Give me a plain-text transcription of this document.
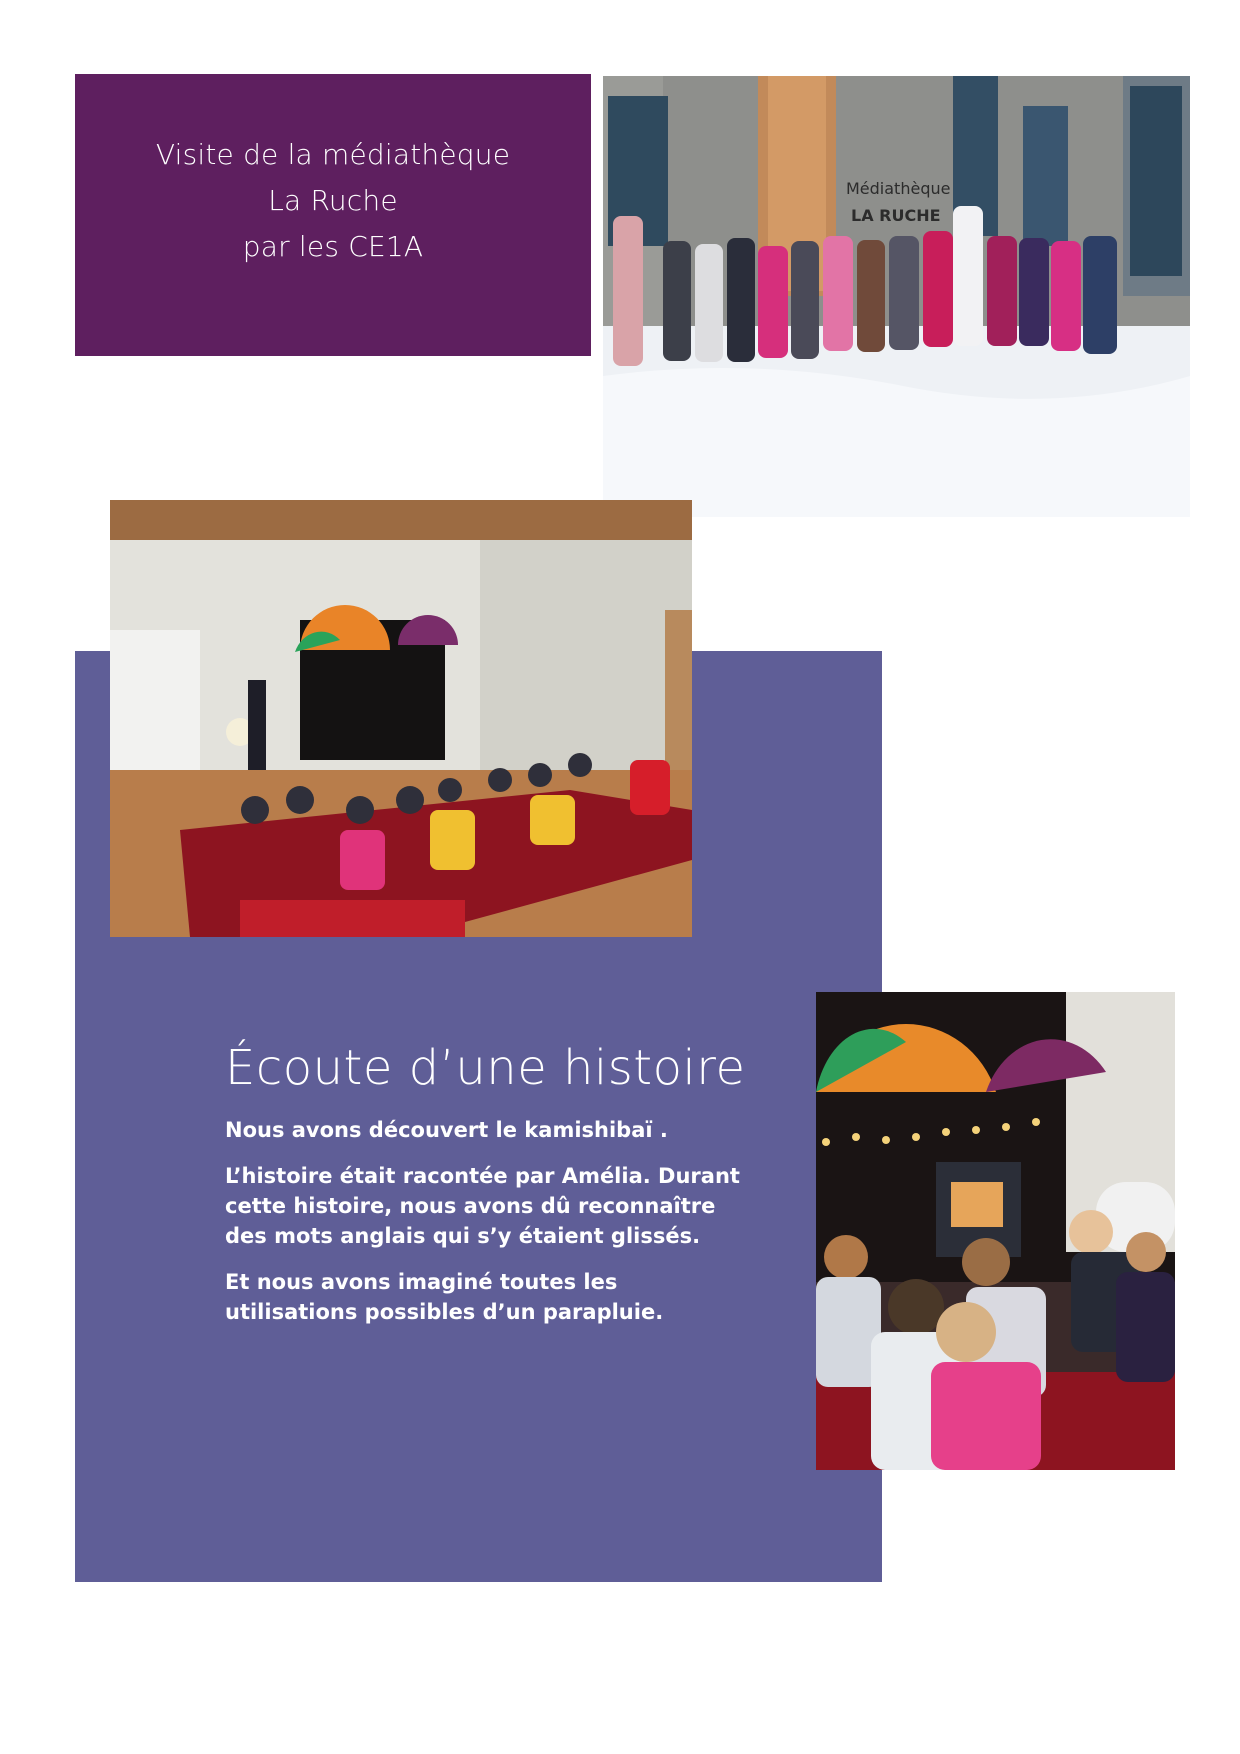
Visite de la médiathèque
La Ruche
par les CE1A
Médiathèque
LA RUCHE
Écoute d’une histoire

Nous avons découvert le kamishibaï .

L’histoire était racontée par Amélia. Durant cette histoire, nous avons dû reconnaître des mots anglais qui s’y étaient glissés.

Et nous avons imaginé toutes les utilisations possibles d’un parapluie.
